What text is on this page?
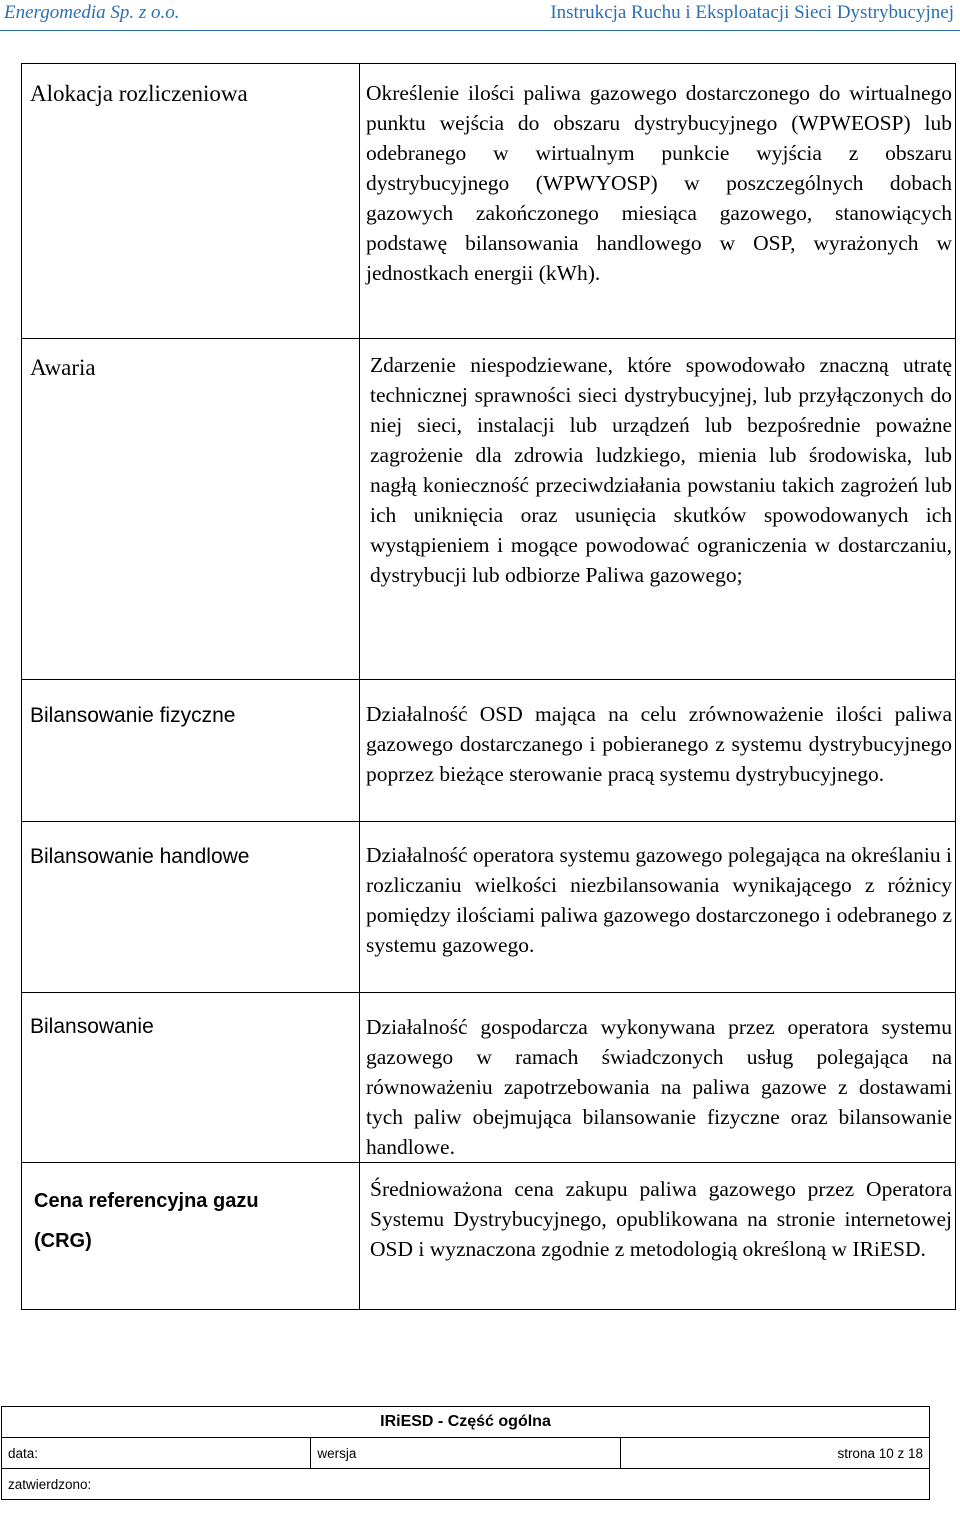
Energomedia Sp. z o.o.	Instrukcja Ruchu i Eksploatacji Sieci Dystrybucyjnej
Alokacja rozliczeniowa	Określenie ilości paliwa gazowego dostarczonego do wirtualnego punktu wejścia do obszaru dystrybucyjnego (WPWEOSP) lub odebranego w wirtualnym punkcie wyjścia z obszaru dystrybucyjnego (WPWYOSP) w poszczególnych dobach gazowych zakończonego miesiąca gazowego, stanowiących podstawę bilansowania handlowego w OSP, wyrażonych w jednostkach energii (kWh).

Awaria	Zdarzenie niespodziewane, które spowodowało znaczną utratę technicznej sprawności sieci dystrybucyjnej, lub przyłączonych do niej sieci, instalacji lub urządzeń lub bezpośrednie poważne zagrożenie dla zdrowia ludzkiego, mienia lub środowiska, lub nagłą konieczność przeciwdziałania powstaniu takich zagrożeń lub ich uniknięcia oraz usunięcia skutków spowodowanych ich wystąpieniem i mogące powodować ograniczenia w dostarczaniu, dystrybucji lub odbiorze Paliwa gazowego;

Bilansowanie fizyczne	Działalność OSD mająca na celu zrównoważenie ilości paliwa gazowego dostarczanego i pobieranego z systemu dystrybucyjnego poprzez bieżące sterowanie pracą systemu dystrybucyjnego.

Bilansowanie handlowe	Działalność operatora systemu gazowego polegająca na określaniu i rozliczaniu wielkości niezbilansowania wynikającego z różnicy pomiędzy ilościami paliwa gazowego dostarczonego i odebranego z systemu gazowego.

Bilansowanie	Działalność gospodarcza wykonywana przez operatora systemu gazowego w ramach świadczonych usług polegająca na równoważeniu zapotrzebowania na paliwa gazowe z dostawami tych paliw obejmująca bilansowanie fizyczne oraz bilansowanie handlowe.

Cena referencyjna gazu
(CRG)	Średnioważona cena zakupu paliwa gazowego przez Operatora Systemu Dystrybucyjnego, opublikowana na stronie internetowej OSD i wyznaczona zgodnie z metodologią określoną w IRiESD.
IRiESD - Część ogólna
data:	wersja	strona 10 z 18
zatwierdzono:
